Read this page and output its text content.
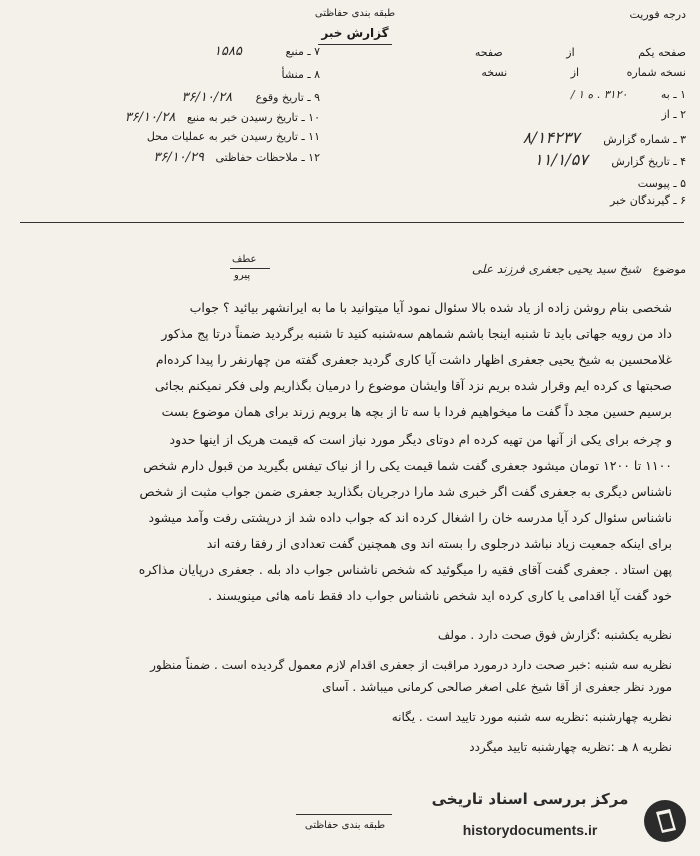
طبقه بندی حفاظتی
گزارش خبر
درجه فوریت
صفحه یکم از صفحه
نسخه شماره از نسخه
۱ ـ به ۳۱۲۰ . ه ۱ /
۲ ـ از
۳ ـ شماره گزارش ۸/۱۴۲۳۷
۴ ـ تاریخ گزارش ۱۱/۱/۵۷
۵ ـ پیوست
۶ ـ گیرندگان خبر
۷ ـ منبع ۱۵۸۵
۸ ـ منشأ
۹ ـ تاریخ وقوع ۳۶/۱۰/۲۸
۱۰ ـ تاریخ رسیدن خبر به منبع ۳۶/۱۰/۲۸
۱۱ ـ تاریخ رسیدن خبر به عملیات محل
۱۲ ـ ملاحظات حفاظتی ۳۶/۱۰/۲۹
موضوع شیخ سید یحیی جعفری فرزند علی
عطف
پیرو
شخصی بنام روشن زاده از یاد شده بالا سئوال نمود آیا میتوانید با ما به ایرانشهر بیائید ؟ جواب
داد من رویه جهاتی باید تا شنبه اینجا باشم شماهم سه‌شنبه کنید تا شنبه برگردید ضمناً درتا پج مذکور
غلامحسین به شیخ یحیی جعفری اظهار داشت آیا کاری گردید جعفری گفته من چهارنفر را پیدا کرده‌ام
صحبتها ی کرده ایم وقرار شده بریم نزد آقا وایشان موضوع را درمیان بگذاریم ولی فکر نمیکنم بجائی
برسیم حسین مجد داً گفت ما میخواهیم فردا با سه تا از بچه ها برویم زرند برای همان موضوع بست
و چرخه برای یکی از آنها من تهیه کرده ام دوتای دیگر مورد نیاز است که قیمت هریک از اینها حدود
۱۱۰۰ تا ۱۲۰۰ تومان میشود جعفری گفت شما قیمت یکی را از نیاک تیفس بگیرید من قبول دارم شخص
ناشناس دیگری به جعفری گفت اگر خبری شد مارا درجریان بگذارید جعفری ضمن جواب مثبت از شخص
ناشناس سئوال کرد آیا مدرسه خان را اشغال کرده اند که جواب داده شد از درپشتی رفت وآمد میشود
برای اینکه جمعیت زیاد نباشد درجلوی را بسته اند وی همچنین گفت تعدادی از رفقا رفته اند
پهن استاد . جعفری گفت آقای فقیه را میگوئید که شخص ناشناس جواب داد بله . جعفری درپایان مذاکره
خود گفت آیا اقدامی یا کاری کرده اید شخص ناشناس جواب داد فقط نامه هائی مینویسند .
نظریه یکشنبه :گزارش فوق صحت دارد . مولف
نظریه سه شنبه :خبر صحت دارد درمورد مراقبت از جعفری اقدام لازم معمول گردیده است . ضمناً منظور
مورد نظر جعفری از آقا شیخ علی اصغر صالحی کرمانی میباشد . آسای
نظریه چهارشنبه :نظریه سه شنبه مورد تایید است . یگانه
نظریه ۸ هـ :نظریه چهارشنبه تایید میگردد
طبقه بندی حفاظتی
مرکز بررسی اسناد تاریخی
historydocuments.ir
